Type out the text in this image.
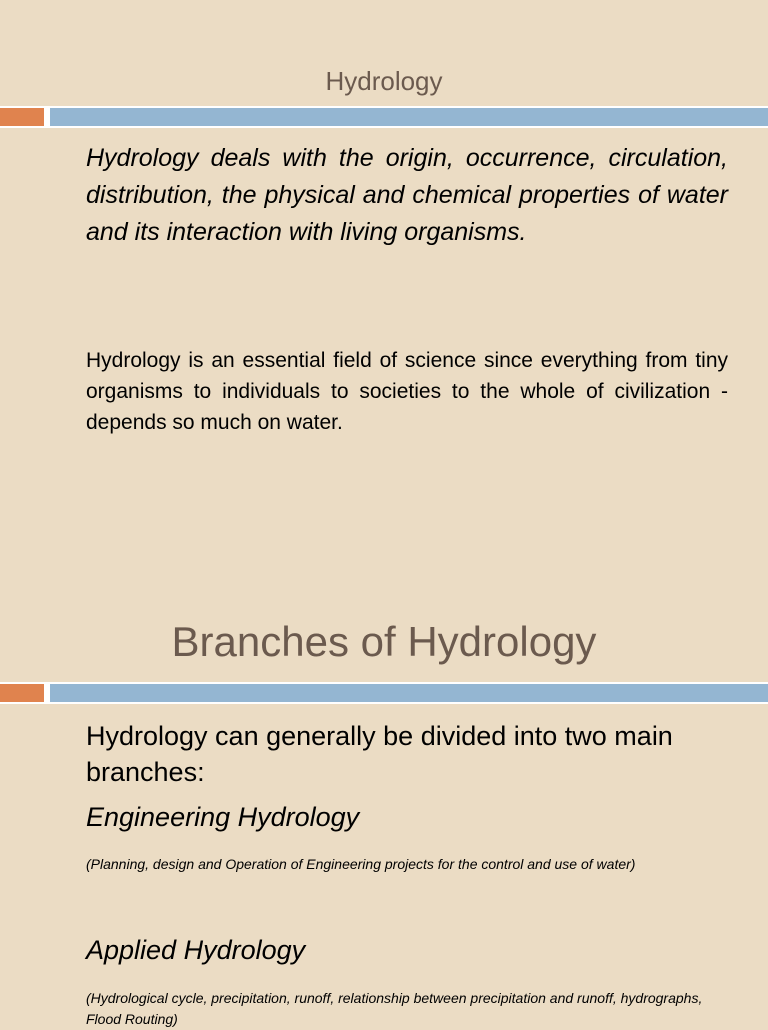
Hydrology
Hydrology deals with the origin, occurrence, circulation, distribution, the physical and chemical properties of water and its interaction with living organisms.
Hydrology is an essential field of science since everything from tiny organisms to individuals to societies to the whole of civilization - depends so much on water.
Branches of Hydrology
Hydrology can generally be divided into two main branches:
Engineering Hydrology
(Planning, design and Operation of Engineering projects for the control and use of water)
Applied Hydrology
(Hydrological cycle, precipitation, runoff, relationship between precipitation and runoff, hydrographs, Flood Routing)
